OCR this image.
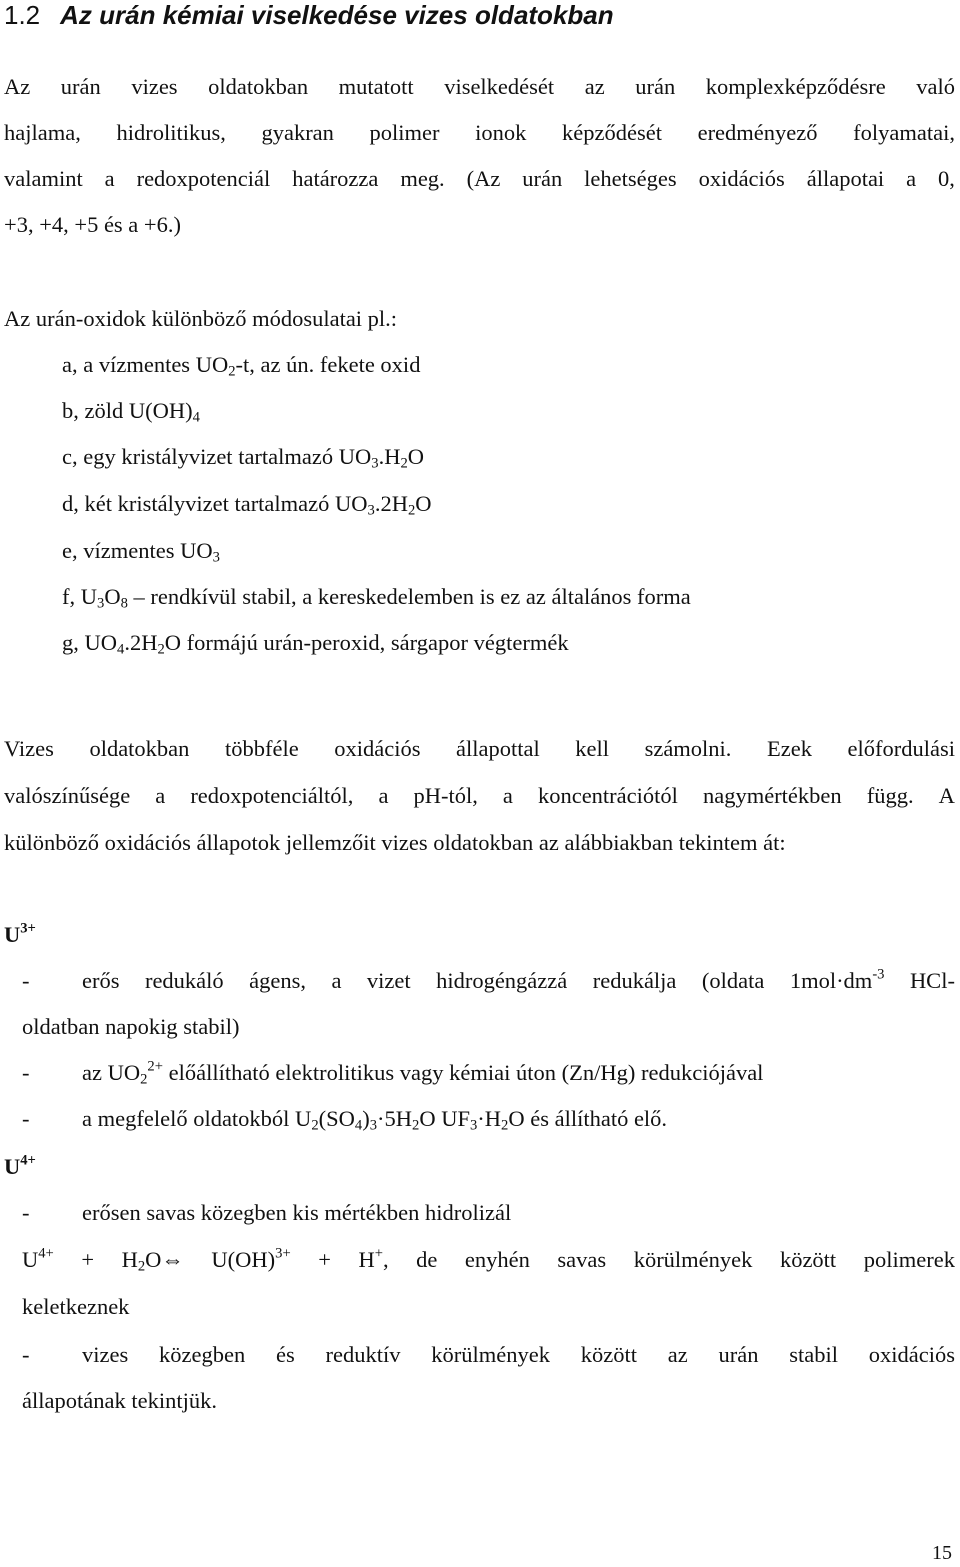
1.2 Az urán kémiai viselkedése vizes oldatokban
Az urán vizes oldatokban mutatott viselkedését az urán komplexképződésre való
hajlama, hidrolitikus, gyakran polimer ionok képződését eredményező folyamatai,
valamint a redoxpotenciál határozza meg. (Az urán lehetséges oxidációs állapotai a 0,
+3, +4, +5 és a +6.)
Az urán-oxidok különböző módosulatai pl.:
a, a vízmentes $UO_2-t$, az ún. fekete oxid
b, zöld $U(OH)_4$
c, egy kristályvizet tartalmazó $UO_3.H_2O$
d, két kristályvizet tartalmazó $UO_3.2H_2O$
e, vízmentes $UO_3$
f, $U_3O_8$ – rendkívül stabil, a kereskedelemben is ez az általános forma
g, $UO_4.2H_2O$ formájú urán-peroxid, sárgapor végtermék
Vizes oldatokban többféle oxidációs állapottal kell számolni. Ezek előfordulási
valószínűsége a redoxpotenciáltól, a pH-tól, a koncentrációtól nagymértékben függ. A
különböző oxidációs állapotok jellemzőit vizes oldatokban az alábbiakban tekintem át:
$U^{3+}$
-	erős redukáló ágens, a vizet hidrogéngázzá redukálja (oldata $1mol\cdot dm^{-3}$ HCl-
oldatban napokig stabil)
-	az $UO_2^{2+}$ előállítható elektrolitikus vagy kémiai úton (Zn/Hg) redukciójával
-	a megfelelő oldatokból $U_2(SO_4)_3\cdot 5H_2O$ $UF_3\cdot H_2O$ és állítható elő.
$U^{4+}$
-	erősen savas közegben kis mértékben hidrolizál
$U^{4+}$ + $H_2O\Leftrightarrow$ U(OH)$^{3+}$ + H+, de enyhén savas körülmények között polimerek
keletkeznek
-	vizes közegben és reduktív körülmények között az urán stabil oxidációs
állapotának tekintjük.
15
